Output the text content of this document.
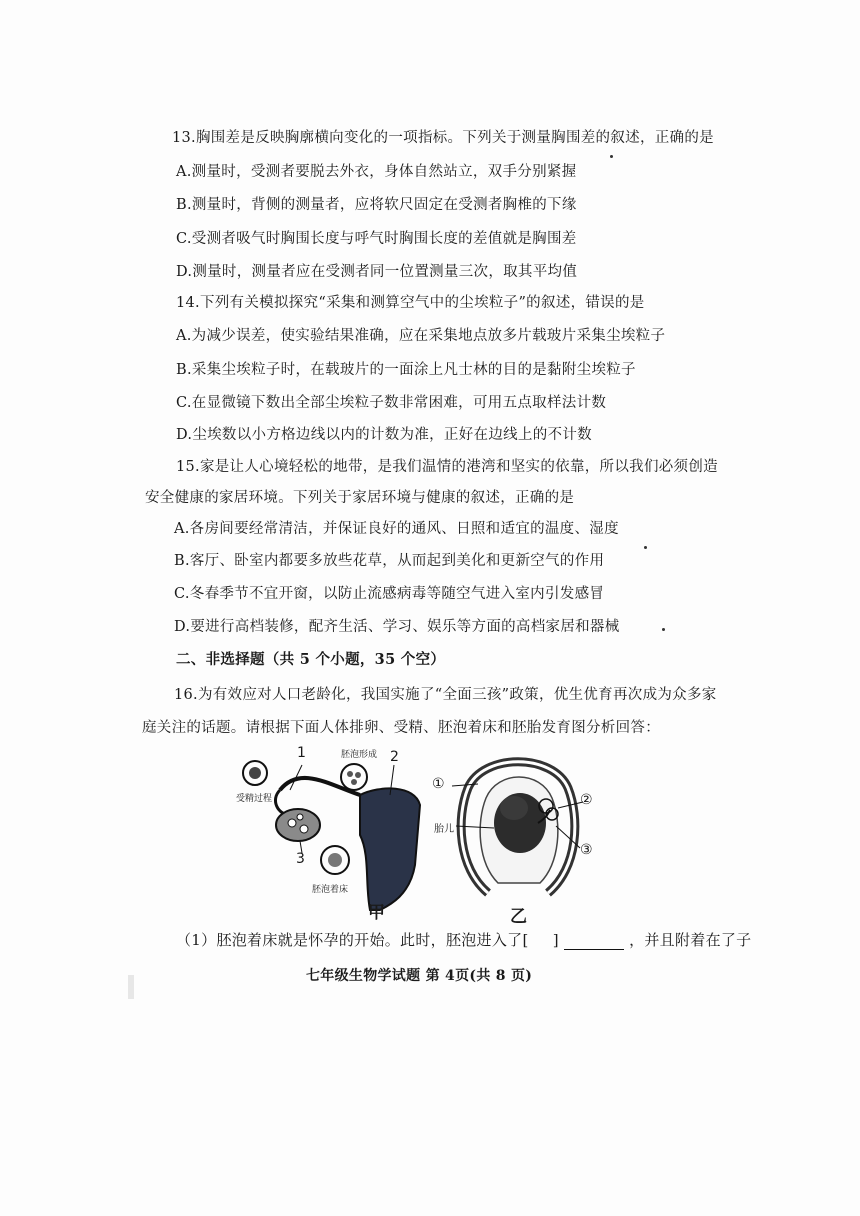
13.胸围差是反映胸廓横向变化的一项指标。下列关于测量胸围差的叙述，正确的是
A.测量时，受测者要脱去外衣，身体自然站立，双手分别紧握
B.测量时，背侧的测量者，应将软尺固定在受测者胸椎的下缘
C.受测者吸气时胸围长度与呼气时胸围长度的差值就是胸围差
D.测量时，测量者应在受测者同一位置测量三次，取其平均值
14.下列有关模拟探究“采集和测算空气中的尘埃粒子”的叙述，错误的是
A.为减少误差，使实验结果准确，应在采集地点放多片载玻片采集尘埃粒子
B.采集尘埃粒子时，在载玻片的一面涂上凡士林的目的是黏附尘埃粒子
C.在显微镜下数出全部尘埃粒子数非常困难，可用五点取样法计数
D.尘埃数以小方格边线以内的计数为准，正好在边线上的不计数
15.家是让人心境轻松的地带，是我们温情的港湾和坚实的依靠，所以我们必须创造
安全健康的家居环境。下列关于家居环境与健康的叙述，正确的是
A.各房间要经常清洁，并保证良好的通风、日照和适宜的温度、湿度
B.客厅、卧室内都要多放些花草，从而起到美化和更新空气的作用
C.冬春季节不宜开窗，以防止流感病毒等随空气进入室内引发感冒
D.要进行高档装修，配齐生活、学习、娱乐等方面的高档家居和器械
二、非选择题（共 5 个小题，35 个空）
16.为有效应对人口老龄化，我国实施了“全面三孩”政策，优生优育再次成为众多家
庭关注的话题。请根据下面人体排卵、受精、胚泡着床和胚胎发育图分析回答：
1	2
3
胚泡形成
受精过程
胚泡着床
甲
①
②
③
胎儿
乙
（1）胚泡着床就是怀孕的开始。此时，胚泡进入了[ ]	，并且附着在了子
七年级生物学试题 第 4页(共 8 页)
